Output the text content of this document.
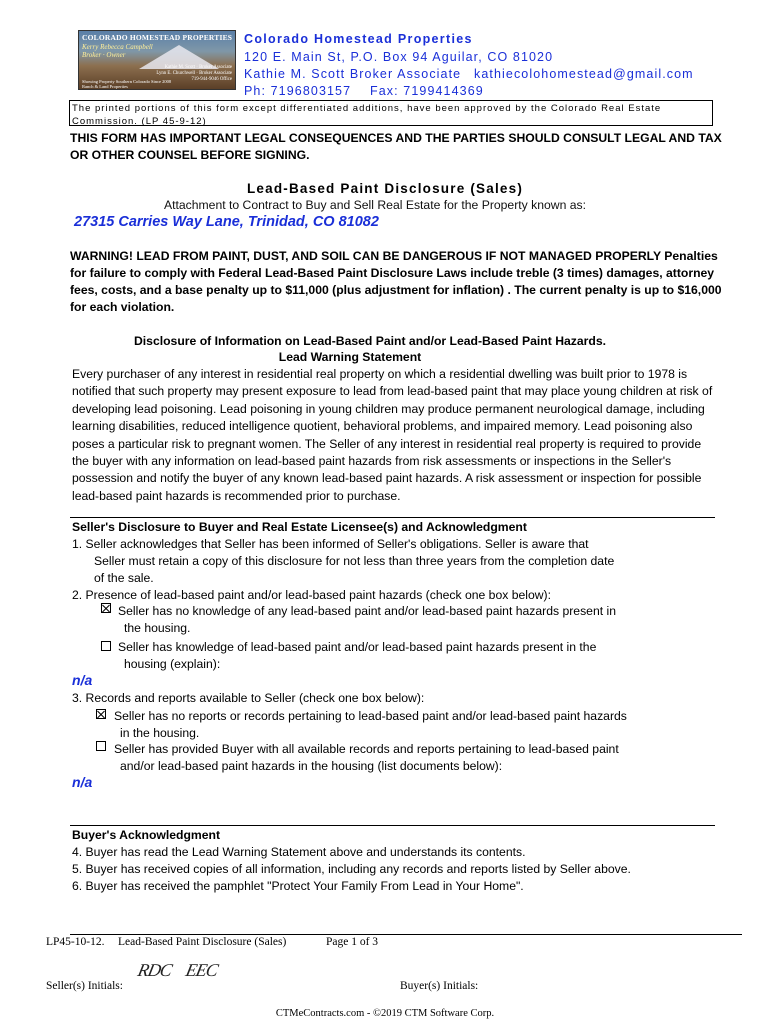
COLORADO HOMESTEAD PROPERTIES
Kerry Rebecca Campbell
Broker · Owner
Kathie M. Scott · Broker Associate
Lynn E. Churchwell · Broker Associate
719-944-9046 Office
Showing Property Southern Colorado Since 2008
Ranch & Land Properties
Colorado Homestead Properties
120 E. Main St, P.O. Box 94 Aguilar, CO 81020
Kathie M. Scott Broker Associate kathiecolohomestead@gmail.com
Ph: 7196803157 Fax: 7199414369
The printed portions of this form except differentiated additions, have been approved by the Colorado Real Estate Commission. (LP 45-9-12)
THIS FORM HAS IMPORTANT LEGAL CONSEQUENCES AND THE PARTIES SHOULD CONSULT LEGAL AND TAX OR OTHER COUNSEL BEFORE SIGNING.
Lead-Based Paint Disclosure (Sales)
Attachment to Contract to Buy and Sell Real Estate for the Property known as:
27315 Carries Way Lane, Trinidad, CO 81082
WARNING! LEAD FROM PAINT, DUST, AND SOIL CAN BE DANGEROUS IF NOT MANAGED PROPERLY Penalties for failure to comply with Federal Lead-Based Paint Disclosure Laws include treble (3 times) damages, attorney fees, costs, and a base penalty up to $11,000 (plus adjustment for inflation) . The current penalty is up to $16,000 for each violation.
Disclosure of Information on Lead-Based Paint and/or Lead-Based Paint Hazards.
Lead Warning Statement
Every purchaser of any interest in residential real property on which a residential dwelling was built prior to 1978 is notified that such property may present exposure to lead from lead-based paint that may place young children at risk of developing lead poisoning. Lead poisoning in young children may produce permanent neurological damage, including learning disabilities, reduced intelligence quotient, behavioral problems, and impaired memory. Lead poisoning also poses a particular risk to pregnant women. The Seller of any interest in residential real property is required to provide the buyer with any information on lead-based paint hazards from risk assessments or inspections in the Seller's possession and notify the buyer of any known lead-based paint hazards. A risk assessment or inspection for possible lead-based paint hazards is recommended prior to purchase.
Seller's Disclosure to Buyer and Real Estate Licensee(s) and Acknowledgment
1. Seller acknowledges that Seller has been informed of Seller's obligations. Seller is aware that
Seller must retain a copy of this disclosure for not less than three years from the completion date
of the sale.
2. Presence of lead-based paint and/or lead-based paint hazards (check one box below):
Seller has no knowledge of any lead-based paint and/or lead-based paint hazards present in
the housing.
Seller has knowledge of lead-based paint and/or lead-based paint hazards present in the
housing (explain):
n/a
3. Records and reports available to Seller (check one box below):
Seller has no reports or records pertaining to lead-based paint and/or lead-based paint hazards
in the housing.
Seller has provided Buyer with all available records and reports pertaining to lead-based paint
and/or lead-based paint hazards in the housing (list documents below):
n/a
Buyer's Acknowledgment
4. Buyer has read the Lead Warning Statement above and understands its contents.
5. Buyer has received copies of all information, including any records and reports listed by Seller above.
6. Buyer has received the pamphlet "Protect Your Family From Lead in Your Home".
LP45-10-12. Lead-Based Paint Disclosure (Sales)	Page 1 of 3
Seller(s) Initials:
RDC EEC
Buyer(s) Initials:
CTMeContracts.com - ©2019 CTM Software Corp.
